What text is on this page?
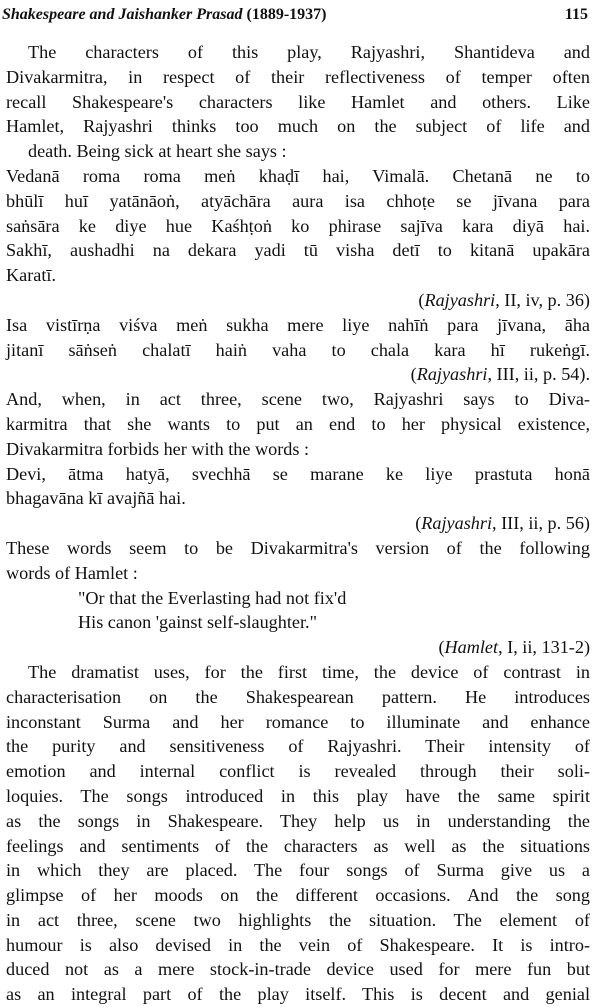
Shakespeare and Jaishanker Prasad (1889-1937)	115
The characters of this play, Rajyashri, Shantideva and
Divakarmitra, in respect of their reflectiveness of temper often
recall Shakespeare's characters like Hamlet and others. Like
Hamlet, Rajyashri thinks too much on the subject of life and
death. Being sick at heart she says :
Vedanā roma roma meṅ khaḍī hai, Vimalā. Chetanā ne to
bhūlī huī yatānāoṅ, atyāchāra aura isa chhoṭe se jīvana para
saṅsāra ke diye hue Kaśhṭoṅ ko phirase sajīva kara diyā hai.
Sakhī, aushadhi na dekara yadi tū visha detī to kitanā upakāra
Karatī.
(Rajyashri, II, iv, p. 36)
Isa vistīrṇa viśva meṅ sukha mere liye nahīṅ para jīvana, āha
jitanī sāṅseṅ chalatī haiṅ vaha to chala kara hī rukeṅgī.
(Rajyashri, III, ii, p. 54).
And, when, in act three, scene two, Rajyashri says to Diva-
karmitra that she wants to put an end to her physical existence,
Divakarmitra forbids her with the words :
Devi, ātma hatyā, svechhā se marane ke liye prastuta honā
bhagavāna kī avajñā hai.
(Rajyashri, III, ii, p. 56)
These words seem to be Divakarmitra's version of the following
words of Hamlet :
"Or that the Everlasting had not fix'd
His canon 'gainst self-slaughter."
(Hamlet, I, ii, 131-2)
The dramatist uses, for the first time, the device of contrast in
characterisation on the Shakespearean pattern. He introduces
inconstant Surma and her romance to illuminate and enhance
the purity and sensitiveness of Rajyashri. Their intensity of
emotion and internal conflict is revealed through their soli-
loquies. The songs introduced in this play have the same spirit
as the songs in Shakespeare. They help us in understanding the
feelings and sentiments of the characters as well as the situations
in which they are placed. The four songs of Surma give us a
glimpse of her moods on the different occasions. And the song
in act three, scene two highlights the situation. The element of
humour is also devised in the vein of Shakespeare. It is intro-
duced not as a mere stock-in-trade device used for mere fun but
as an integral part of the play itself. This is decent and genial
